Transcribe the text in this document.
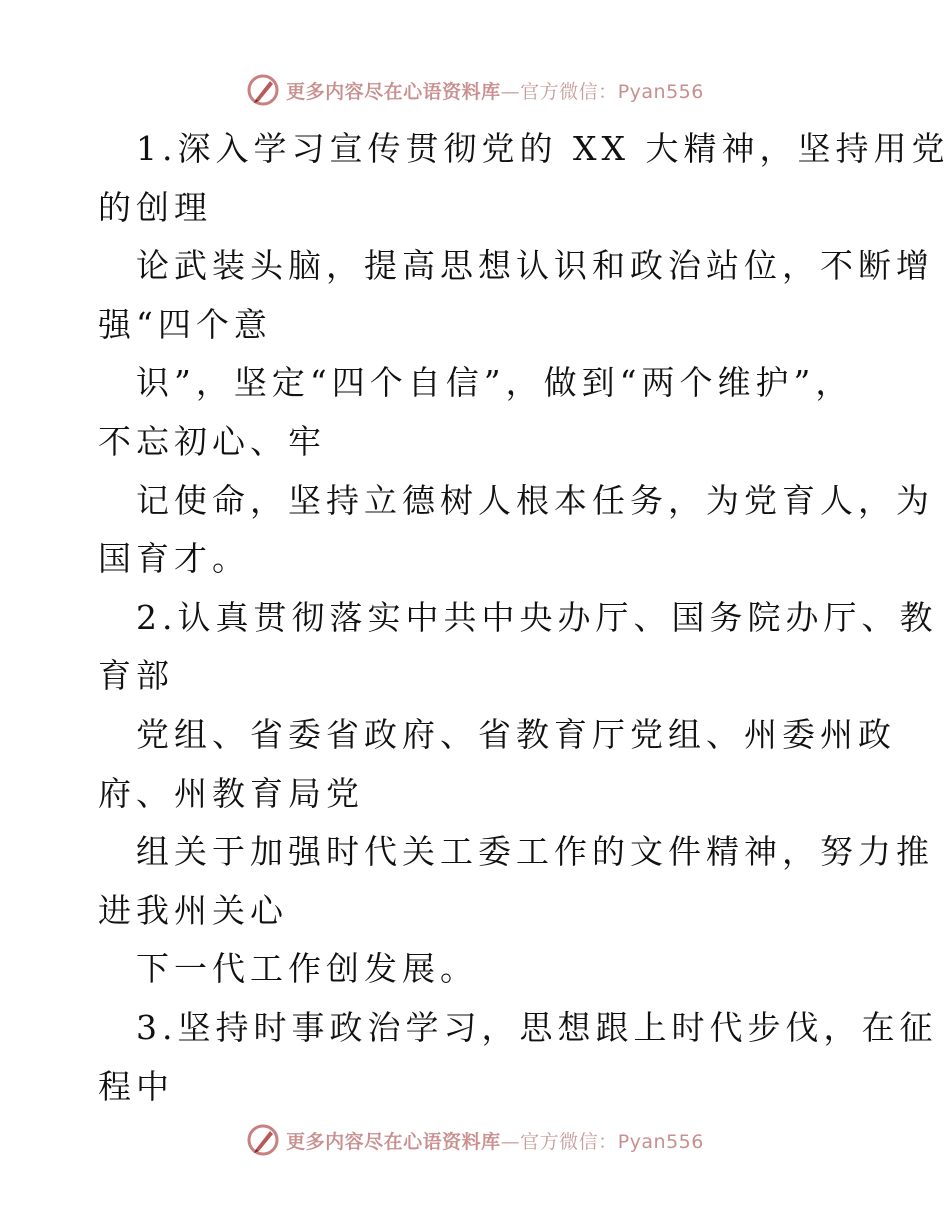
更多内容尽在心语资料库—官方微信：Pyan556
1.深入学习宣传贯彻党的 XX 大精神，坚持用党
的创理
论武装头脑，提高思想认识和政治站位，不断增
强“四个意
识”，坚定“四个自信”，做到“两个维护”，
不忘初心、牢
记使命，坚持立德树人根本任务，为党育人，为
国育才。
2.认真贯彻落实中共中央办厅、国务院办厅、教
育部
党组、省委省政府、省教育厅党组、州委州政
府、州教育局党
组关于加强时代关工委工作的文件精神，努力推
进我州关心
下一代工作创发展。
3.坚持时事政治学习，思想跟上时代步伐，在征
程中
更多内容尽在心语资料库—官方微信：Pyan556
